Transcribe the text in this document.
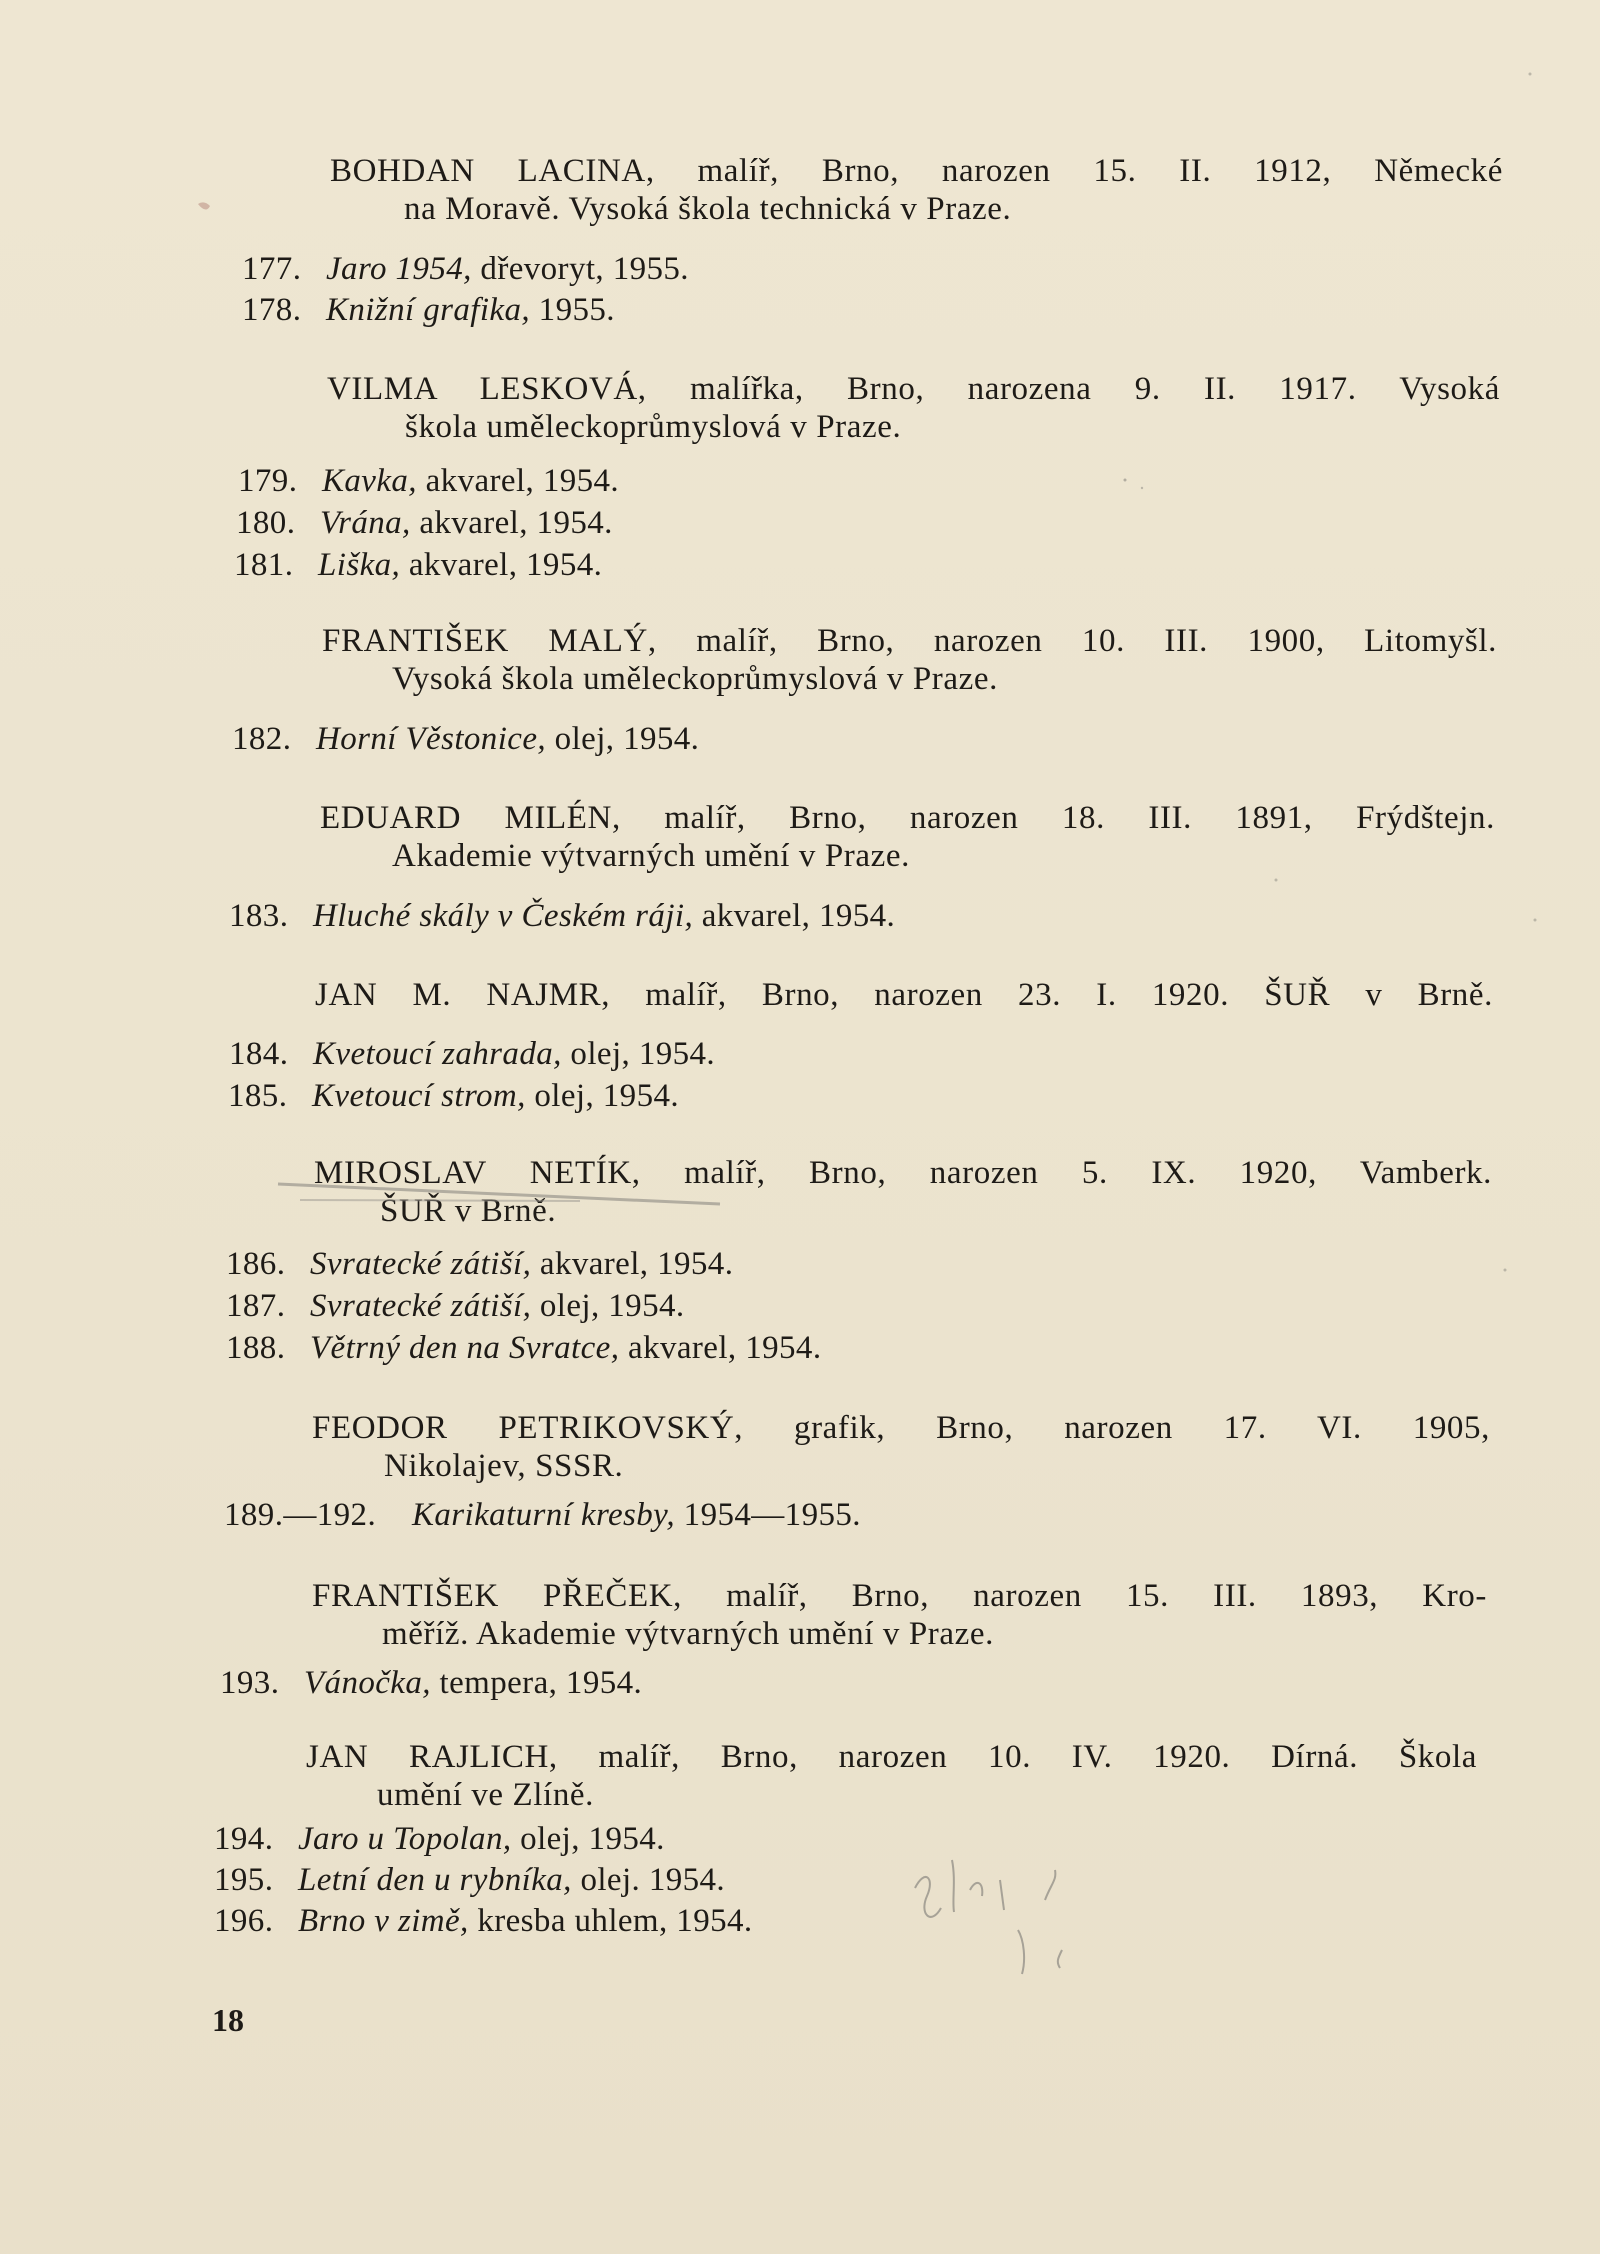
BOHDAN LACINA, malíř, Brno, narozen 15. II. 1912, Německé
na Moravě. Vysoká škola technická v Praze.
177. Jaro 1954, dřevoryt, 1955.
178. Knižní grafika, 1955.
VILMA LESKOVÁ, malířka, Brno, narozena 9. II. 1917. Vysoká
škola uměleckoprůmyslová v Praze.
179. Kavka, akvarel, 1954.
180. Vrána, akvarel, 1954.
181. Liška, akvarel, 1954.
FRANTIŠEK MALÝ, malíř, Brno, narozen 10. III. 1900, Litomyšl.
Vysoká škola uměleckoprůmyslová v Praze.
182. Horní Věstonice, olej, 1954.
EDUARD MILÉN, malíř, Brno, narozen 18. III. 1891, Frýdštejn.
Akademie výtvarných umění v Praze.
183. Hluché skály v Českém ráji, akvarel, 1954.
JAN M. NAJMR, malíř, Brno, narozen 23. I. 1920. ŠUŘ v Brně.
184. Kvetoucí zahrada, olej, 1954.
185. Kvetoucí strom, olej, 1954.
MIROSLAV NETÍK, malíř, Brno, narozen 5. IX. 1920, Vamberk.
ŠUŘ v Brně.
186. Svratecké zátiší, akvarel, 1954.
187. Svratecké zátiší, olej, 1954.
188. Větrný den na Svratce, akvarel, 1954.
FEODOR PETRIKOVSKÝ, grafik, Brno, narozen 17. VI. 1905,
Nikolajev, SSSR.
189.—192. Karikaturní kresby, 1954—1955.
FRANTIŠEK PŘEČEK, malíř, Brno, narozen 15. III. 1893, Kro-
měříž. Akademie výtvarných umění v Praze.
193. Vánočka, tempera, 1954.
JAN RAJLICH, malíř, Brno, narozen 10. IV. 1920. Dírná. Škola
umění ve Zlíně.
194. Jaro u Topolan, olej, 1954.
195. Letní den u rybníka, olej. 1954.
196. Brno v zimě, kresba uhlem, 1954.
18
